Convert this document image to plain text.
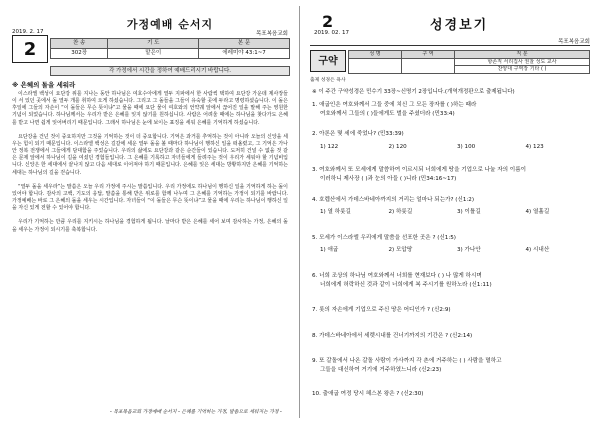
가정예배 순서지
2019. 2. 17	목포복음교회
2	찬 송	기 도	본 문
302장	맡은이	에레미야 43:1~7
각 가정에서 시간을 정하여 예배드리시기 바랍니다.
※ 은혜의 돌을 세워라

이스라엘 백성이 요단강 위를 지나는 동안 하나님은 여호수아에게 열두 지파에서 한 사람씩 택하여 요단강 가운데 제사장들이 서 있던 곳에서 돌 열두 개를 취하여 오게 하셨습니다. 그리고 그 돌들을 그들이 유숙할 곳에 두라고 명령하셨습니다. 이 돌은 후일에 그들의 자손이 “이 돌들은 무슨 뜻이냐”고 물을 때에 요단 물이 여호와의 언약궤 앞에서 끊어진 일을 말해 주는 영원한 기념이 되었습니다. 하나님께서는 우리가 받은 은혜를 잊지 않기를 원하십니다. 사람은 어려울 때에는 하나님을 찾다가도 은혜를 받고 나면 쉽게 잊어버리기 때문입니다. 그래서 하나님은 눈에 보이는 표징을 세워 은혜를 기억하게 하셨습니다.

요단강을 건넌 것이 중요하지만 그것을 기억하는 것이 더 중요합니다. 기억은 과거를 추억하는 것이 아니라 오늘의 신앙을 세우는 힘이 되기 때문입니다. 이스라엘 백성은 길갈에 세운 열두 돌을 볼 때마다 하나님이 행하신 일을 떠올렸고, 그 기억은 가나안 정복 전쟁에서 그들에게 담대함을 주었습니다. 우리의 삶에도 요단강과 같은 순간들이 있습니다. 도저히 건널 수 없을 것 같은 문제 앞에서 하나님이 길을 여셨던 경험들입니다. 그 은혜를 기록하고 자녀들에게 들려주는 것이 우리가 세워야 할 기념비입니다. 신앙은 한 세대에서 끝나지 않고 다음 세대로 이어져야 하기 때문입니다. 은혜를 잊은 세대는 방황하지만 은혜를 기억하는 세대는 하나님의 길을 걷습니다.

“열두 돌을 세우라”는 말씀은 오늘 우리 가정에 주시는 말씀입니다. 우리 가정에도 하나님이 행하신 일을 기억하게 하는 돌이 있어야 합니다. 감사의 고백, 기도의 응답, 말씀을 통해 받은 위로를 함께 나누며 그 은혜를 기억하는 가정이 되기를 바랍니다. 가정예배는 바로 그 은혜의 돌을 세우는 시간입니다. 자녀들이 “이 돌들은 무슨 뜻이냐”고 물을 때에 우리는 하나님이 행하신 일을 자신 있게 전할 수 있어야 합니다.

우리가 기억하는 만큼 우리를 지키시는 하나님을 경험하게 됩니다. 날마다 받은 은혜를 세어 보며 감사하는 가정, 은혜의 돌을 세우는 가정이 되시기를 축복합니다.

- 목포복음교회 가정예배 순서지 - 은혜를 기억하는 가정, 말씀으로 세워지는 가정 -
2	성경보기
2019. 02. 17
목포복음교회
구약
성 명	구 역	직 분
		항존직 서리집사 권찰 성도 교사
		찬양대 구역장 기타 ( )
출제 성경은 욕사
※ 이 주간 구약성경은 민수기 33장~신명기 2장입니다.(개역개정판으로 출제됩니다)
1. 애굽인은 여호와께서 그들 중에 치신 그 모든 장자를 ( )하는 때라
여호와께서 그들의 ( )들에게도 벌을 주셨더라 (민33:4)
2. 아론은 몇 세에 죽었나? (민33:39)
1) 122	2) 120	3) 100	4) 123
3. 여호와께서 또 모세에게 말씀하여 이르시되 너희에게 땅을 기업으로 나눌 자의 이름이
이러하니 제사장 ( )과 눈의 아들 ( )니라 (민34:16~17)
4. 호렙산에서 가데스바네아까지의 거리는 얼마나 되는가? (신1:2)
1) 열 하룻길	2) 하룻길	3) 이틀길	4) 열흘길
5. 모세가 이스라엘 우리에게 말씀을 선포한 곳은 ? (신1:5)
1) 애굽	2) 모압땅	3) 가나안	4) 시내산
6. 너희 조상의 하나님 여호와께서 너희를 현재보다 ( ) 나 많게 하시며
너희에게 허락하신 것과 같이 너희에게 복 주시기를 원하노라 (신1:11)
7. 롯의 자손에게 기업으로 주신 땅은 어디인가 ? (신2:9)
8. 가데스바네아에서 세렛시내를 건너기까지의 기간은 ? (신2:14)
9. 또 갈돌에서 나온 갈돌 사람이 가사까지 각 촌에 거주하는 ( ) 사람을 멸하고
그들을 대신하여 거기에 거주하였느니라 (신2:23)
10. 출애굽 여정 당시 헤스본 왕은 ? (신2:30)
